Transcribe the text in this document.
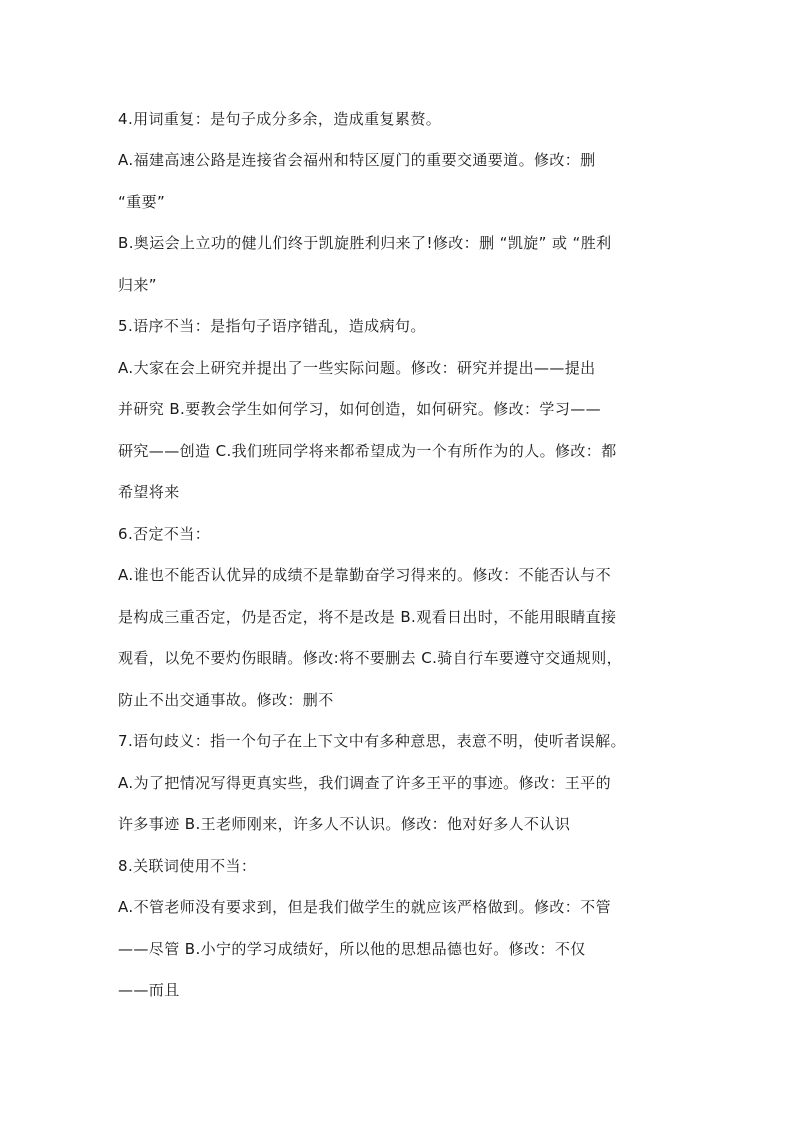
4.用词重复：是句子成分多余，造成重复累赘。
A.福建高速公路是连接省会福州和特区厦门的重要交通要道。修改：删
“重要”
B.奥运会上立功的健儿们终于凯旋胜利归来了!修改：删 “凯旋” 或 “胜利
归来”
5.语序不当：是指句子语序错乱，造成病句。
A.大家在会上研究并提出了一些实际问题。修改：研究并提出——提出
并研究 B.要教会学生如何学习，如何创造，如何研究。修改：学习——
研究——创造 C.我们班同学将来都希望成为一个有所作为的人。修改：都
希望将来
6.否定不当：
A.谁也不能否认优异的成绩不是靠勤奋学习得来的。修改：不能否认与不
是构成三重否定，仍是否定，将不是改是 B.观看日出时，不能用眼睛直接
观看，以免不要灼伤眼睛。修改:将不要删去 C.骑自行车要遵守交通规则，
防止不出交通事故。修改：删不
7.语句歧义：指一个句子在上下文中有多种意思，表意不明，使听者误解。
A.为了把情况写得更真实些，我们调查了许多王平的事迹。修改：王平的
许多事迹 B.王老师刚来，许多人不认识。修改：他对好多人不认识
8.关联词使用不当：
A.不管老师没有要求到，但是我们做学生的就应该严格做到。修改：不管
——尽管 B.小宁的学习成绩好，所以他的思想品德也好。修改：不仅
——而且
